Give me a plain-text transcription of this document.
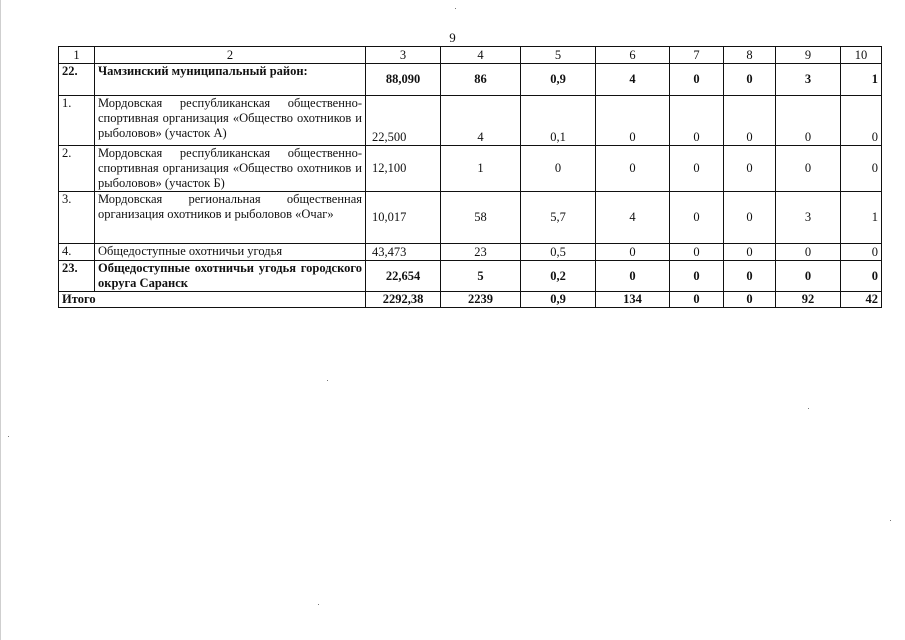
9
1	2	3	4	5	6	7	8	9	10
22.	Чамзинский муниципальный район:	88,090	86	0,9	4	0	0	3	1
1.	Мордовская республиканская общественно-спортивная организация «Общество охотников и рыболовов» (участок А)	22,500	4	0,1	0	0	0	0	0
2.	Мордовская республиканская общественно-спортивная организация «Общество охотников и рыболовов» (участок Б)	12,100	1	0	0	0	0	0	0
3.	Мордовская региональная общественная организация охотников и рыболовов «Очаг»	10,017	58	5,7	4	0	0	3	1
4.	Общедоступные охотничьи угодья	43,473	23	0,5	0	0	0	0	0
23.	Общедоступные охотничьи угодья городского округа Саранск	22,654	5	0,2	0	0	0	0	0
Итого		2292,38	2239	0,9	134	0	0	92	42
